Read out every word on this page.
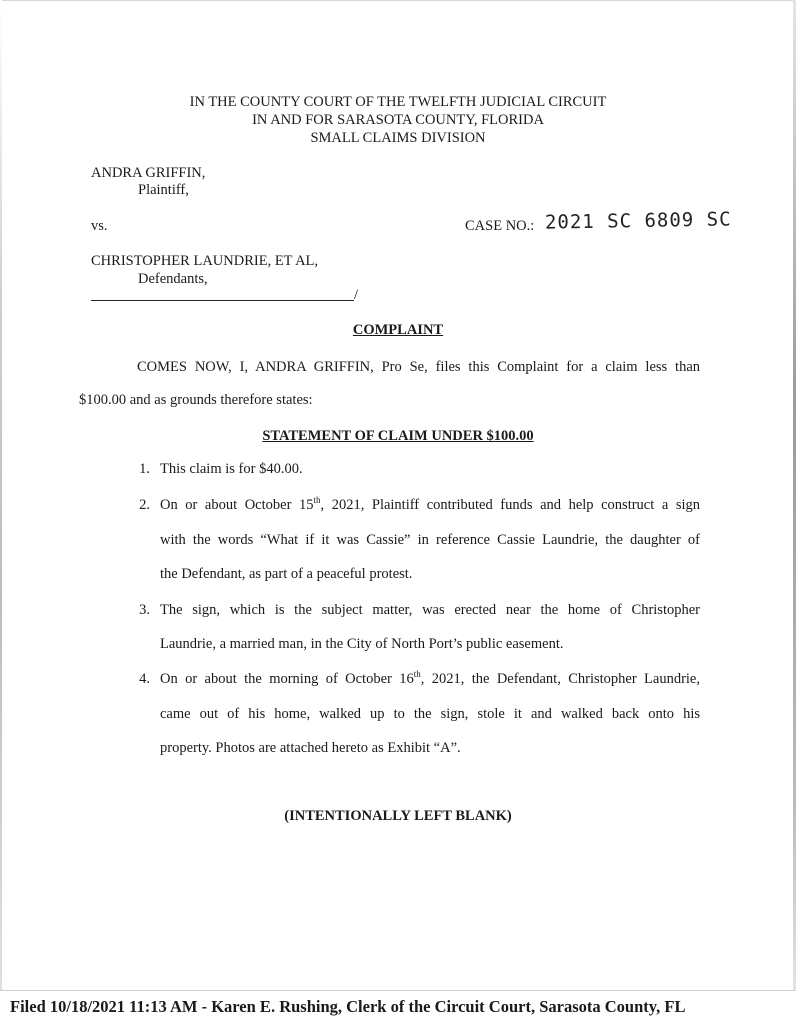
IN THE COUNTY COURT OF THE TWELFTH JUDICIAL CIRCUIT
IN AND FOR SARASOTA COUNTY, FLORIDA
SMALL CLAIMS DIVISION
ANDRA GRIFFIN,
Plaintiff,
vs.	CASE NO.: 2021 SC 6809 SC
CHRISTOPHER LAUNDRIE, ET AL,
Defendants,
/
COMPLAINT
COMES NOW, I, ANDRA GRIFFIN, Pro Se, files this Complaint for a claim less than
$100.00 and as grounds therefore states:
STATEMENT OF CLAIM UNDER $100.00
1. This claim is for $40.00.
2. On or about October 15th, 2021, Plaintiff contributed funds and help construct a sign
with the words “What if it was Cassie” in reference Cassie Laundrie, the daughter of
the Defendant, as part of a peaceful protest.
3. The sign, which is the subject matter, was erected near the home of Christopher
Laundrie, a married man, in the City of North Port’s public easement.
4. On or about the morning of October 16th, 2021, the Defendant, Christopher Laundrie,
came out of his home, walked up to the sign, stole it and walked back onto his
property. Photos are attached hereto as Exhibit “A”.
(INTENTIONALLY LEFT BLANK)
Filed 10/18/2021 11:13 AM - Karen E. Rushing, Clerk of the Circuit Court, Sarasota County, FL
